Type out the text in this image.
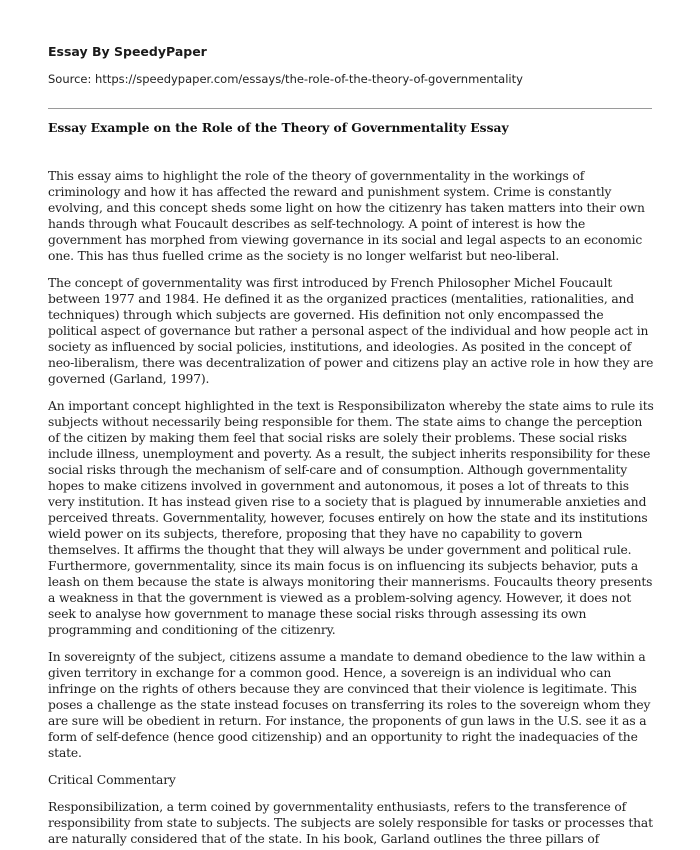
Essay By SpeedyPaper
Source: https://speedypaper.com/essays/the-role-of-the-theory-of-governmentality
Essay Example on the Role of the Theory of Governmentality Essay

This essay aims to highlight the role of the theory of governmentality in the workings of criminology and how it has affected the reward and punishment system. Crime is constantly evolving, and this concept sheds some light on how the citizenry has taken matters into their own hands through what Foucault describes as self-technology. A point of interest is how the government has morphed from viewing governance in its social and legal aspects to an economic one. This has thus fuelled crime as the society is no longer welfarist but neo-liberal.

The concept of governmentality was first introduced by French Philosopher Michel Foucault between 1977 and 1984. He defined it as the organized practices (mentalities, rationalities, and techniques) through which subjects are governed. His definition not only encompassed the political aspect of governance but rather a personal aspect of the individual and how people act in society as influenced by social policies, institutions, and ideologies. As posited in the concept of neo-liberalism, there was decentralization of power and citizens play an active role in how they are governed (Garland, 1997).

An important concept highlighted in the text is Responsibilizaton whereby the state aims to rule its subjects without necessarily being responsible for them. The state aims to change the perception of the citizen by making them feel that social risks are solely their problems. These social risks include illness, unemployment and poverty. As a result, the subject inherits responsibility for these social risks through the mechanism of self-care and of consumption. Although governmentality hopes to make citizens involved in government and autonomous, it poses a lot of threats to this very institution. It has instead given rise to a society that is plagued by innumerable anxieties and perceived threats. Governmentality, however, focuses entirely on how the state and its institutions wield power on its subjects, therefore, proposing that they have no capability to govern themselves. It affirms the thought that they will always be under government and political rule. Furthermore, governmentality, since its main focus is on influencing its subjects behavior, puts a leash on them because the state is always monitoring their mannerisms. Foucaults theory presents a weakness in that the government is viewed as a problem-solving agency. However, it does not seek to analyse how government to manage these social risks through assessing its own programming and conditioning of the citizenry.

In sovereignty of the subject, citizens assume a mandate to demand obedience to the law within a given territory in exchange for a common good. Hence, a sovereign is an individual who can infringe on the rights of others because they are convinced that their violence is legitimate. This poses a challenge as the state instead focuses on transferring its roles to the sovereign whom they are sure will be obedient in return. For instance, the proponents of gun laws in the U.S. see it as a form of self-defence (hence good citizenship) and an opportunity to right the inadequacies of the state.

Critical Commentary

Responsibilization, a term coined by governmentality enthusiasts, refers to the transference of responsibility from state to subjects. The subjects are solely responsible for tasks or processes that are naturally considered that of the state. In his book, Garland outlines the three pillars of
